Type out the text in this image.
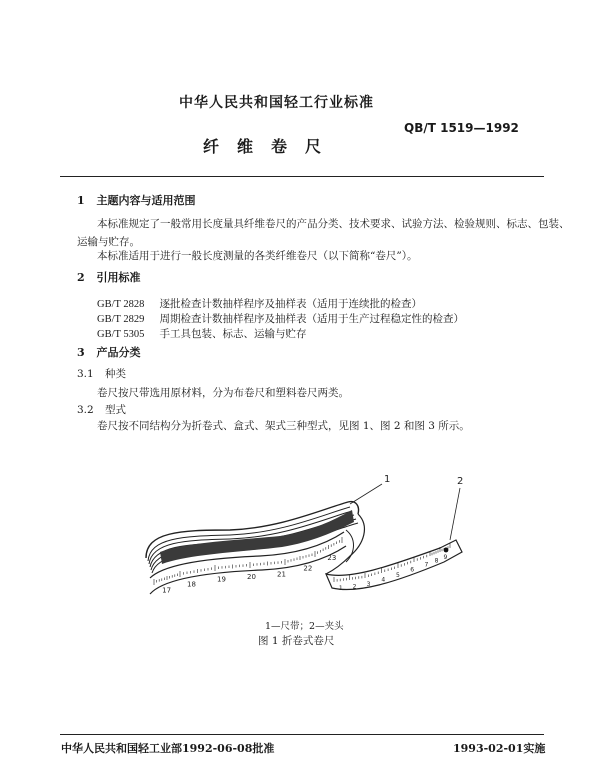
中华人民共和国轻工行业标准
QB/T 1519—1992
纤维卷尺
1 主题内容与适用范围
本标准规定了一般常用长度量具纤维卷尺的产品分类、技术要求、试验方法、检验规则、标志、包装、
运输与贮存。
本标准适用于进行一般长度测量的各类纤维卷尺（以下简称“卷尺”）。
2 引用标准
GB/T 2828 逐批检查计数抽样程序及抽样表（适用于连续批的检查）
GB/T 2829 周期检查计数抽样程序及抽样表（适用于生产过程稳定性的检查）
GB/T 5305 手工具包装、标志、运输与贮存
3 产品分类
3.1 种类
卷尺按尺带选用原材料，分为布卷尺和塑料卷尺两类。
3.2 型式
卷尺按不同结构分为折卷式、盒式、架式三种型式，见图 1、图 2 和图 3 所示。
17
18
19	20	21
22
23
1 2 3
4
5
6
7
8
9
1	2
1—尺带；2—夹头
图 1 折卷式卷尺
中华人民共和国轻工业部1992-06-08批准	1993-02-01实施
